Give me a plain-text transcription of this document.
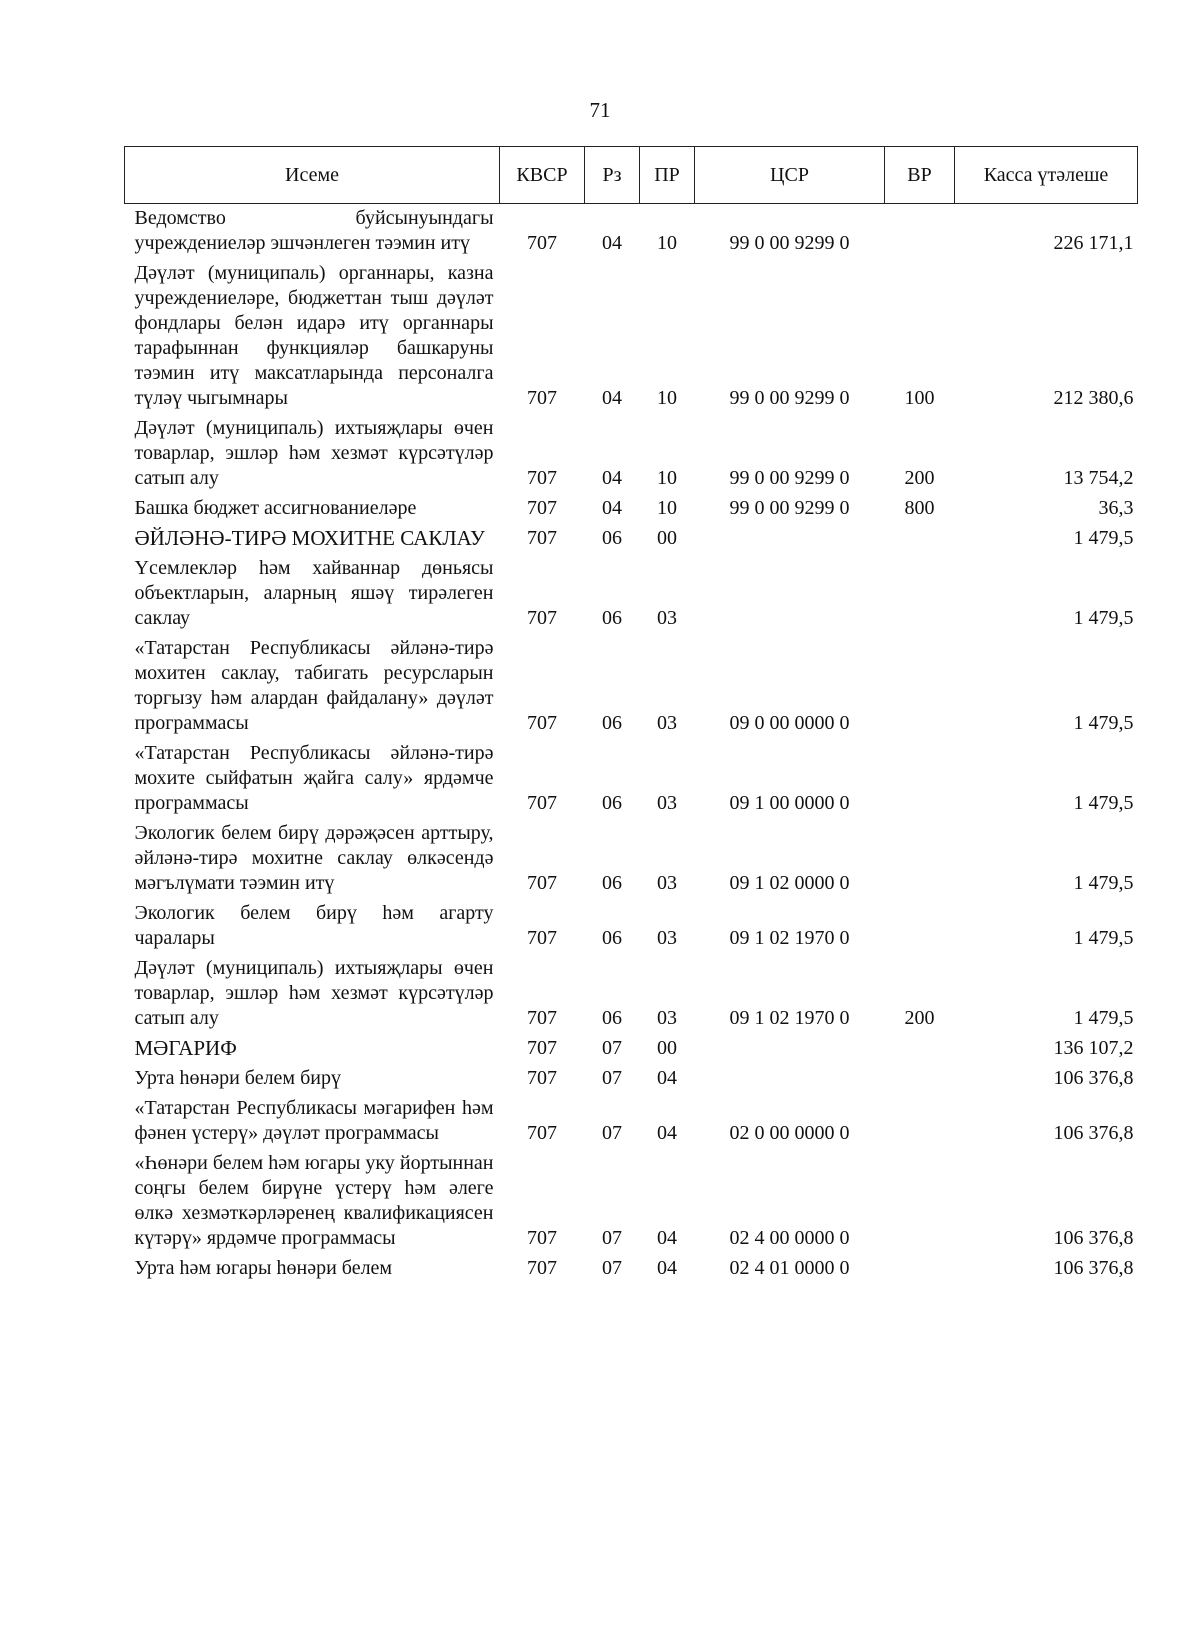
71
Исеме	КВСР	Рз	ПР	ЦСР	ВР	Касса үтәлеше
Ведомство буйсынуындагы учреждениеләр эшчәнлеген тәэмин итү	707	04	10	99 0 00 9299 0		226 171,1
Дәүләт (муниципаль) органнары, казна учреждениеләре, бюджеттан тыш дәүләт фондлары белән идарә итү органнары тарафыннан функцияләр башкаруны тәэмин итү максатларында персоналга түләү чыгымнары	707	04	10	99 0 00 9299 0	100	212 380,6
Дәүләт (муниципаль) ихтыяҗлары өчен товарлар, эшләр һәм хезмәт күрсәтүләр сатып алу	707	04	10	99 0 00 9299 0	200	13 754,2
Башка бюджет ассигнованиеләре	707	04	10	99 0 00 9299 0	800	36,3
ӘЙЛӘНӘ-ТИРӘ МОХИТНЕ САКЛАУ	707	06	00			1 479,5
Үсемлекләр һәм хайваннар дөньясы объектларын, аларның яшәү тирәлеген саклау	707	06	03			1 479,5
«Татарстан Республикасы әйләнә-тирә мохитен саклау, табигать ресурсларын торгызу һәм алардан файдалану» дәүләт программасы	707	06	03	09 0 00 0000 0		1 479,5
«Татарстан Республикасы әйләнә-тирә мохите сыйфатын җайга салу» ярдәмче программасы	707	06	03	09 1 00 0000 0		1 479,5
Экологик белем бирү дәрәҗәсен арттыру, әйләнә-тирә мохитне саклау өлкәсендә мәгълүмати тәэмин итү	707	06	03	09 1 02 0000 0		1 479,5
Экологик белем бирү һәм агарту чаралары	707	06	03	09 1 02 1970 0		1 479,5
Дәүләт (муниципаль) ихтыяҗлары өчен товарлар, эшләр һәм хезмәт күрсәтүләр сатып алу	707	06	03	09 1 02 1970 0	200	1 479,5
МӘГАРИФ	707	07	00			136 107,2
Урта һөнәри белем бирү	707	07	04			106 376,8
«Татарстан Республикасы мәгарифен һәм фәнен үстерү» дәүләт программасы	707	07	04	02 0 00 0000 0		106 376,8
«Һөнәри белем һәм югары уку йортыннан соңгы белем бирүне үстерү һәм әлеге өлкә хезмәткәрләренең квалификациясен күтәрү» ярдәмче программасы	707	07	04	02 4 00 0000 0		106 376,8
Урта һәм югары һөнәри белем	707	07	04	02 4 01 0000 0		106 376,8
